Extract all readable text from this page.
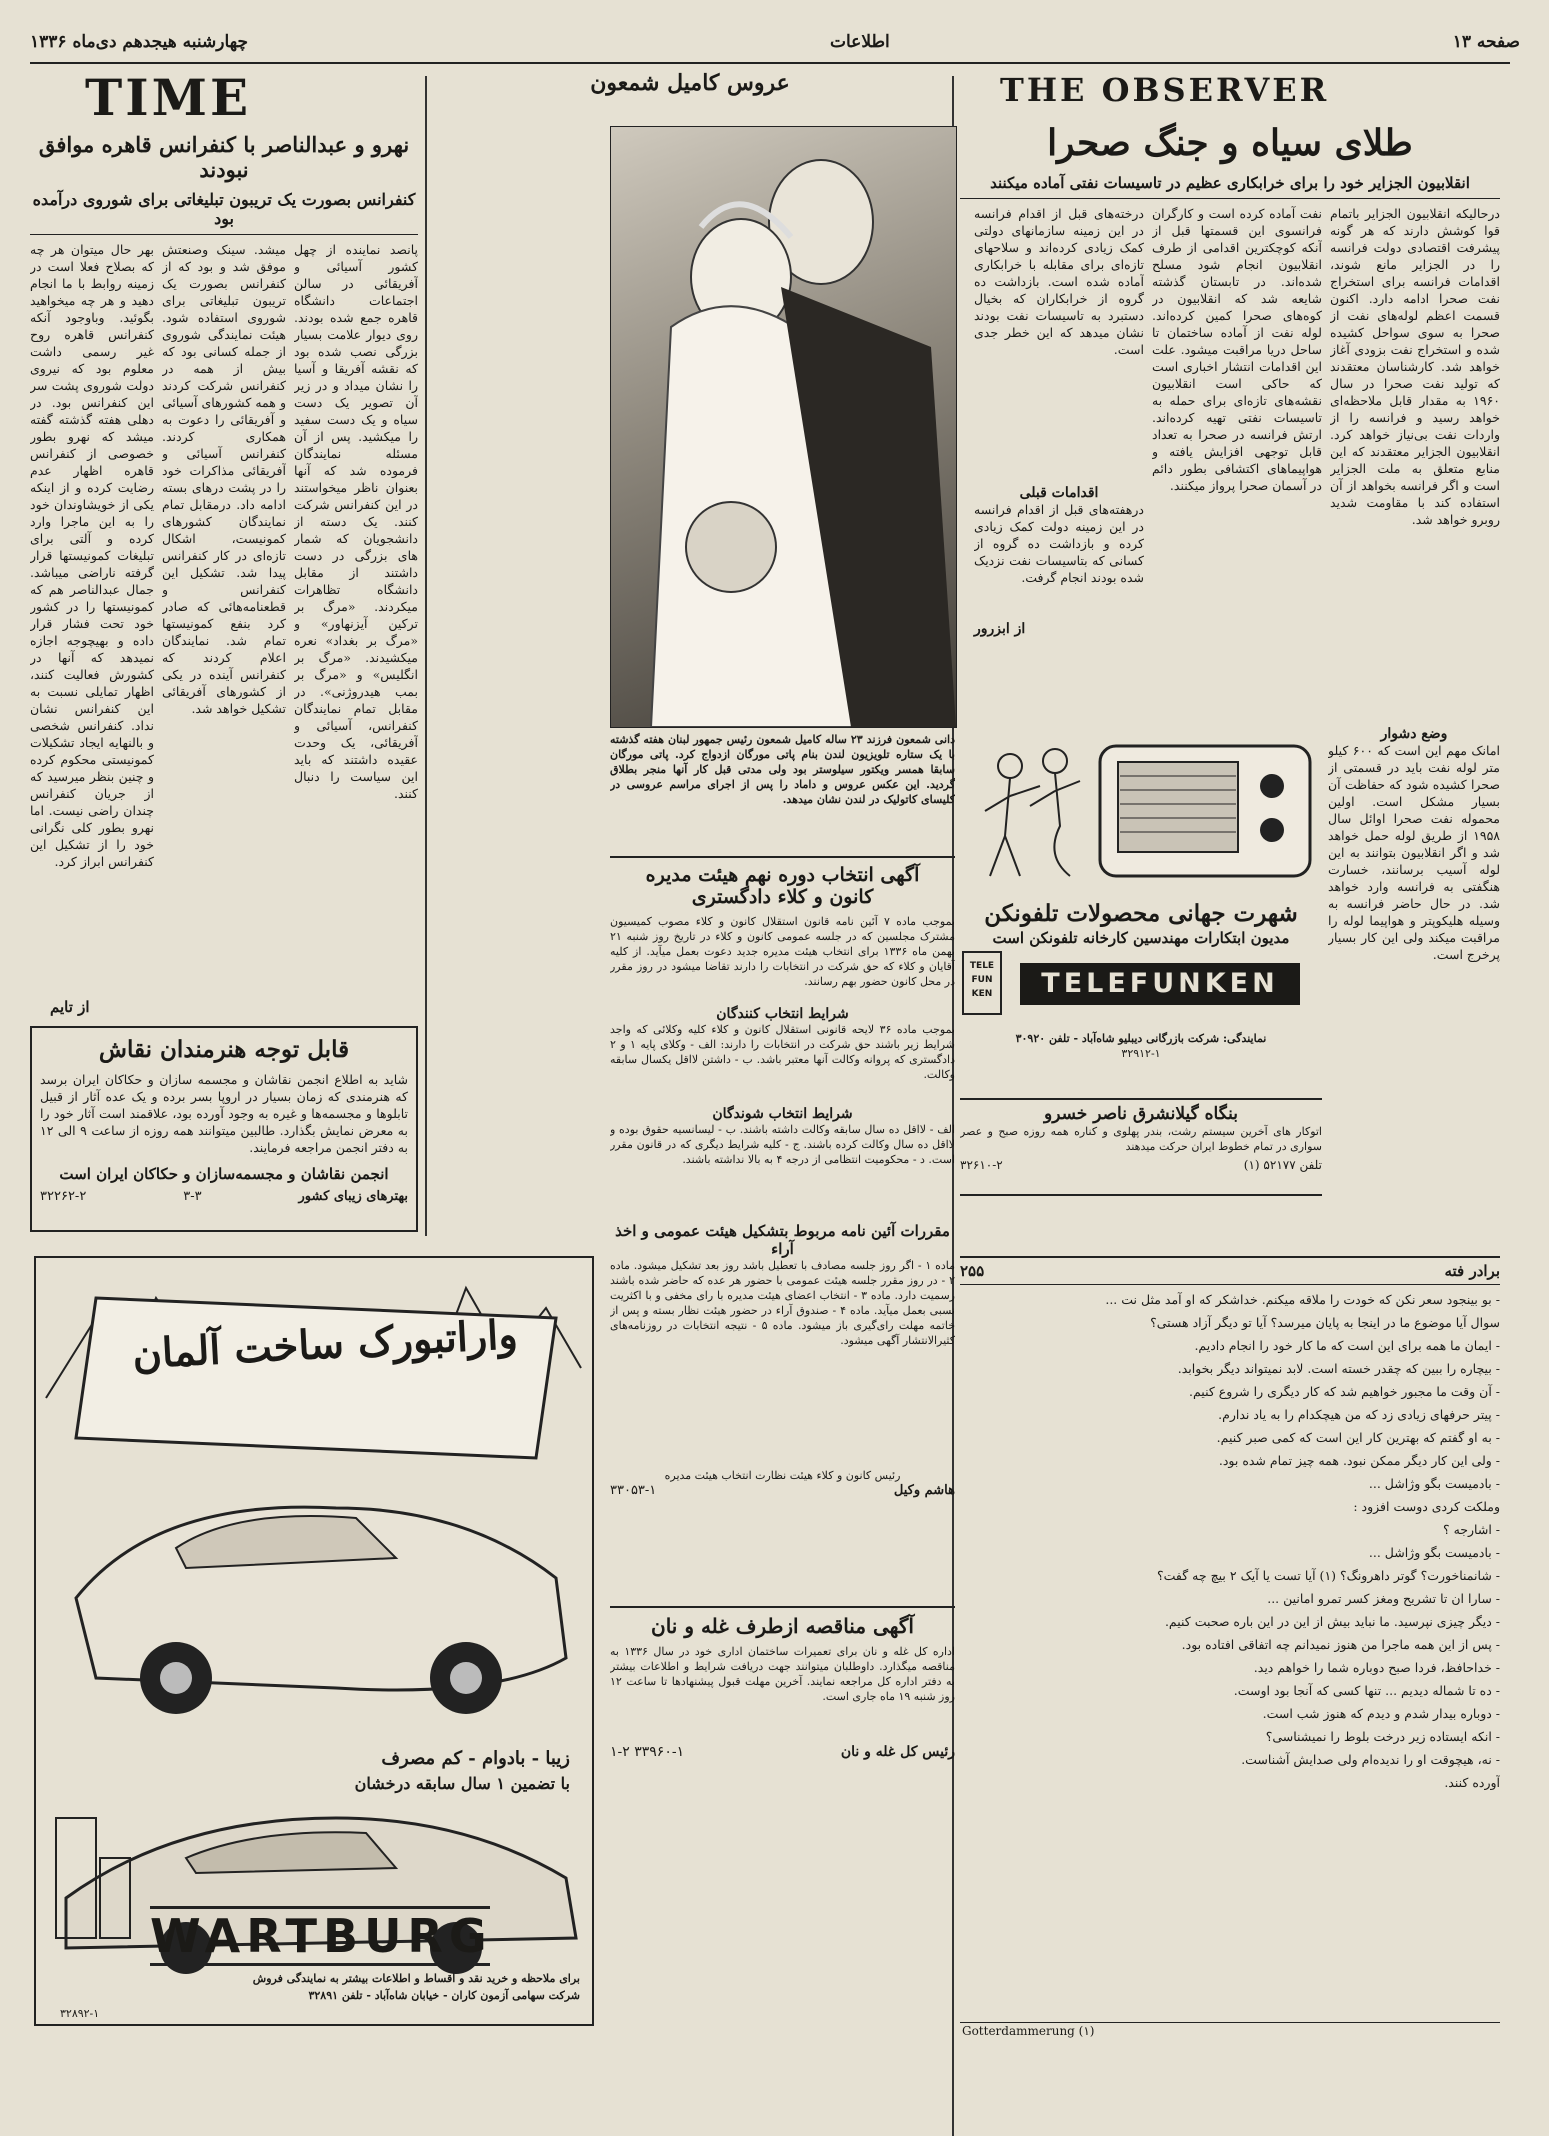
چهارشنبه هیجدهم دی‌ماه ۱۳۳۶	اطلاعات	صفحه ۱۳
TIME
نهرو و عبدالناصر با کنفرانس قاهره موافق نبودند
کنفرانس بصورت یک تریبون تبلیغاتی برای شوروی درآمده بود
پانصد نماینده از چهل کشور آسیائی و آفریقائی در سالن اجتماعات دانشگاه قاهره جمع شده بودند. روی دیوار علامت بسیار بزرگی نصب شده بود که نقشه آفریقا و آسیا را نشان میداد و در زیر آن تصویر یک دست سیاه و یک دست سفید را میکشید. پس از آن مسئله نمایندگان فرموده شد که آنها بعنوان ناظر میخواستند در این کنفرانس شرکت کنند. یک دسته از دانشجویان که شمار های بزرگی در دست داشتند از مقابل دانشگاه تظاهرات میکردند. «مرگ بر ترکین آیزنهاور» و «مرگ بر بغداد» نعره میکشیدند. «مرگ بر انگلیس» و «مرگ بر بمب هیدروژنی». در مقابل تمام نمایندگان کنفرانس، آسیائی و آفریقائی، یک وحدت عقیده داشتند که باید این سیاست را دنبال کنند.
میشد. سینک وصنعتش موفق شد و بود که از کنفرانس بصورت یک تریبون تبلیغاتی برای شوروی استفاده شود. هیئت نمایندگی شوروی از جمله کسانی بود که بیش از همه در کنفرانس شرکت کردند و همه کشورهای آسیائی و آفریقائی را دعوت به همکاری کردند. کنفرانس آسیائی و آفریقائی مذاکرات خود را در پشت درهای بسته ادامه داد. درمقابل تمام نمایندگان کشورهای کمونیست، اشکال تازه‌ای در کار کنفرانس پیدا شد. تشکیل این کنفرانس و قطعنامه‌هائی که صادر کرد بنفع کمونیستها تمام شد. نمایندگان اعلام کردند که کنفرانس آینده در یکی از کشورهای آفریقائی تشکیل خواهد شد.
بهر حال میتوان هر چه که بصلاح فعلا است در زمینه روابط با ما انجام دهید و هر چه میخواهید بگوئید. وباوجود آنکه کنفرانس قاهره روح غیر رسمی داشت معلوم بود که نیروی دولت شوروی پشت سر این کنفرانس بود. در دهلی هفته گذشته گفته میشد که نهرو بطور خصوصی از کنفرانس قاهره اظهار عدم رضایت کرده و از اینکه یکی از خویشاوندان خود را به این ماجرا وارد کرده و آلتی برای تبلیغات کمونیستها قرار گرفته ناراضی میباشد. جمال عبدالناصر هم که کمونیستها را در کشور خود تحت فشار قرار داده و بهیچوجه اجازه نمیدهد که آنها در کشورش فعالیت کنند، اظهار تمایلی نسبت به این کنفرانس نشان نداد. کنفرانس شخصی و بالنهایه ایجاد تشکیلات کمونیستی محکوم کرده و چنین بنظر میرسید که از جریان کنفرانس چندان راضی نیست. اما نهرو بطور کلی نگرانی خود را از تشکیل این کنفرانس ابراز کرد.
از تایم
قابل توجه هنرمندان نقاش
شاید به اطلاع انجمن نقاشان و مجسمه سازان و حکاکان ایران برسد که هنرمندی که زمان بسیار در اروپا بسر برده و یک عده آثار از قبیل تابلوها و مجسمه‌ها و غیره به وجود آورده بود، علاقمند است آثار خود را به معرض نمایش بگذارد. طالبین میتوانند همه روزه از ساعت ۹ الی ۱۲ به دفتر انجمن مراجعه فرمایند.
انجمن نقاشان و مجسمه‌سازان و حکاکان ایران است
بهترهای زیبای کشور
۳-۳
۳۲۲۶۲-۲
عروس کامیل شمعون
دانی شمعون فرزند ۲۳ ساله کامیل شمعون رئیس جمهور لبنان هفته گذشته با یک ستاره تلویزیون لندن بنام پاتی مورگان ازدواج کرد. پاتی مورگان سابقا همسر ویکتور سیلوستر بود ولی مدتی قبل کار آنها منجر بطلاق گردید. این عکس عروس و داماد را پس از اجرای مراسم عروسی در کلیسای کاتولیک در لندن نشان میدهد.
آگهی انتخاب دوره نهم هیئت مدیره
کانون و کلاء دادگستری
بموجب ماده ۷ آئین نامه قانون استقلال کانون و کلاء مصوب کمیسیون مشترک مجلسین که در جلسه عمومی کانون و کلاء در تاریخ روز شنبه ۲۱ بهمن ماه ۱۳۳۶ برای انتخاب هیئت مدیره جدید دعوت بعمل میآید. از کلیه آقایان و کلاء که حق شرکت در انتخابات را دارند تقاضا میشود در روز مقرر در محل کانون حضور بهم رسانند.
شرایط انتخاب کنندگان
بموجب ماده ۳۶ لایحه قانونی استقلال کانون و کلاء کلیه وکلائی که واجد شرایط زیر باشند حق شرکت در انتخابات را دارند: الف - وکلای پایه ۱ و ۲ دادگستری که پروانه وکالت آنها معتبر باشد. ب - داشتن لااقل یکسال سابقه وکالت.
شرایط انتخاب شوندگان
الف - لااقل ده سال سابقه وکالت داشته باشند. ب - لیسانسیه حقوق بوده و لااقل ده سال وکالت کرده باشند. ج - کلیه شرایط دیگری که در قانون مقرر است. د - محکومیت انتظامی از درجه ۴ به بالا نداشته باشند.
مقررات آئین نامه مربوط بتشکیل هیئت عمومی و اخذ آراء
ماده ۱ - اگر روز جلسه مصادف با تعطیل باشد روز بعد تشکیل میشود. ماده ۲ - در روز مقرر جلسه هیئت عمومی با حضور هر عده که حاضر شده باشند رسمیت دارد. ماده ۳ - انتخاب اعضای هیئت مدیره با رای مخفی و با اکثریت نسبی بعمل میآید. ماده ۴ - صندوق آراء در حضور هیئت نظار بسته و پس از خاتمه مهلت رای‌گیری باز میشود. ماده ۵ - نتیجه انتخابات در روزنامه‌های کثیرالانتشار آگهی میشود.
رئیس کانون و کلاء هیئت نظارت انتخاب هیئت مدیره
هاشم وکیل
۳۳۰۵۳-۱
آگهی مناقصه ازطرف غله و نان
اداره کل غله و نان برای تعمیرات ساختمان اداری خود در سال ۱۳۳۶ به مناقصه میگذارد. داوطلبان میتوانند جهت دریافت شرایط و اطلاعات بیشتر به دفتر اداره کل مراجعه نمایند. آخرین مهلت قبول پیشنهادها تا ساعت ۱۲ روز شنبه ۱۹ ماه جاری است.
رئیس کل غله و نان
۳۳۹۶۰-۱ ۱-۲
THE OBSERVER
طلای سیاه و جنگ صحرا
انقلابیون الجزایر خود را برای خرابکاری عظیم در تاسیسات نفتی آماده میکنند
درحالیکه انقلابیون الجزایر باتمام قوا کوشش دارند که هر گونه پیشرفت اقتصادی دولت فرانسه را در الجزایر مانع شوند، اقدامات فرانسه برای استخراج نفت صحرا ادامه دارد. اکنون قسمت اعظم لوله‌های نفت از صحرا به سوی سواحل کشیده شده و استخراج نفت بزودی آغاز خواهد شد. کارشناسان معتقدند که تولید نفت صحرا در سال ۱۹۶۰ به مقدار قابل ملاحظه‌ای خواهد رسید و فرانسه را از واردات نفت بی‌نیاز خواهد کرد. انقلابیون الجزایر معتقدند که این منابع متعلق به ملت الجزایر است و اگر فرانسه بخواهد از آن استفاده کند با مقاومت شدید روبرو خواهد شد.
نفت آماده کرده است و کارگران فرانسوی این قسمتها قبل از آنکه کوچکترین اقدامی از طرف انقلابیون انجام شود مسلح شده‌اند. در تابستان گذشته شایعه شد که انقلابیون در کوه‌های صحرا کمین کرده‌اند. لوله نفت از آماده ساختمان تا ساحل دریا مراقبت میشود. علت این اقدامات انتشار اخباری است که حاکی است انقلابیون نقشه‌های تازه‌ای برای حمله به تاسیسات نفتی تهیه کرده‌اند. ارتش فرانسه در صحرا به تعداد قابل توجهی افزایش یافته و هواپیماهای اکتشافی بطور دائم در آسمان صحرا پرواز میکنند.
درخته‌های قبل از اقدام فرانسه در این زمینه سازمانهای دولتی کمک زیادی کرده‌اند و سلاحهای تازه‌ای برای مقابله با خرابکاری آماده شده است. بازداشت ده گروه از خرابکاران که بخیال دستبرد به تاسیسات نفت بودند نشان میدهد که این خطر جدی است.
اقدامات قبلی
درهفته‌های قبل از اقدام فرانسه در این زمینه دولت کمک زیادی کرده و بازداشت ده گروه از کسانی که بتاسیسات نفت نزدیک شده بودند انجام گرفت.
از ابزرور
وضع دشوار
امانک مهم این است که ۶۰۰ کیلو متر لوله نفت باید در قسمتی از صحرا کشیده شود که حفاظت آن بسیار مشکل است. اولین محموله نفت صحرا اوائل سال ۱۹۵۸ از طریق لوله حمل خواهد شد و اگر انقلابیون بتوانند به این لوله آسیب برسانند، خسارت هنگفتی به فرانسه وارد خواهد شد. در حال حاضر فرانسه به وسیله هلیکوپتر و هواپیما لوله را مراقبت میکند ولی این کار بسیار پرخرج است.
شهرت جهانی محصولات تلفونکن
مدیون ابتکارات مهندسین کارخانه تلفونکن است
TELE
FUN
KEN	TELEFUNKEN
نمایندگی: شرکت بازرگانی دیبلیو شاه‌آباد - تلفن ۳۰۹۲۰
۳۲۹۱۲-۱
بنگاه گیلانشرق ناصر خسرو
اتوکار های آخرین سیستم رشت، بندر پهلوی و کناره همه روزه صبح و عصر سواری در تمام خطوط ایران حرکت میدهند
تلفن ۵۲۱۷۷ (۱)
۳۲۶۱۰-۲
برادر فته
۲۵۵

- بو بینجود سعر نکن که خودت را ملاقه میکنم. خداشکر که او آمد مثل نت ...

سوال آیا موضوع ما در اینجا به پایان میرسد؟ آیا تو دیگر آزاد هستی؟

- ایمان ما همه برای این است که ما کار خود را انجام دادیم.

- بیچاره را ببین که چقدر خسته است. لابد نمیتواند دیگر بخوابد.

- آن وقت ما مجبور خواهیم شد که کار دیگری را شروع کنیم.

- پیتر حرفهای زیادی زد که من هیچکدام را به یاد ندارم.

- به او گفتم که بهترین کار این است که کمی صبر کنیم.

- ولی این کار دیگر ممکن نبود. همه چیز تمام شده بود.

- بادمیست بگو وژاشل ...

وملکت کردی دوست افزود :

- اشارجه ؟

- بادمیست بگو وژاشل ...

- شانمناخورت؟ گوتر داهرونگ؟ (۱) آیا تست یا آیک ۲ بیچ چه گفت؟

- سارا ان تا تشریح ومغز کسر تمرو امانین ...

- دیگر چیزی نپرسید. ما نباید بیش از این در این باره صحبت کنیم.

- پس از این همه ماجرا من هنوز نمیدانم چه اتفاقی افتاده بود.

- خداحافظ، فردا صبح دوباره شما را خواهم دید.

- ده تا شماله دیدیم ... تنها کسی که آنجا بود اوست.

- دوباره بیدار شدم و دیدم که هنوز شب است.

- انکه ایستاده زیر درخت بلوط را نمیشناسی؟

- نه، هیچوقت او را ندیده‌ام ولی صدایش آشناست.

آورده کنند.

Gotterdammerung (۱)
واراتبورک ساخت آلمان
زیبا - بادوام - کم مصرف
با تضمین ۱ سال سابقه درخشان
WARTBURG
برای ملاحظه و خرید نقد و اقساط و اطلاعات بیشتر به نمایندگی فروش
شرکت سهامی آزمون کاران - خیابان شاه‌آباد - تلفن ۳۲۸۹۱
۳۲۸۹۲-۱
